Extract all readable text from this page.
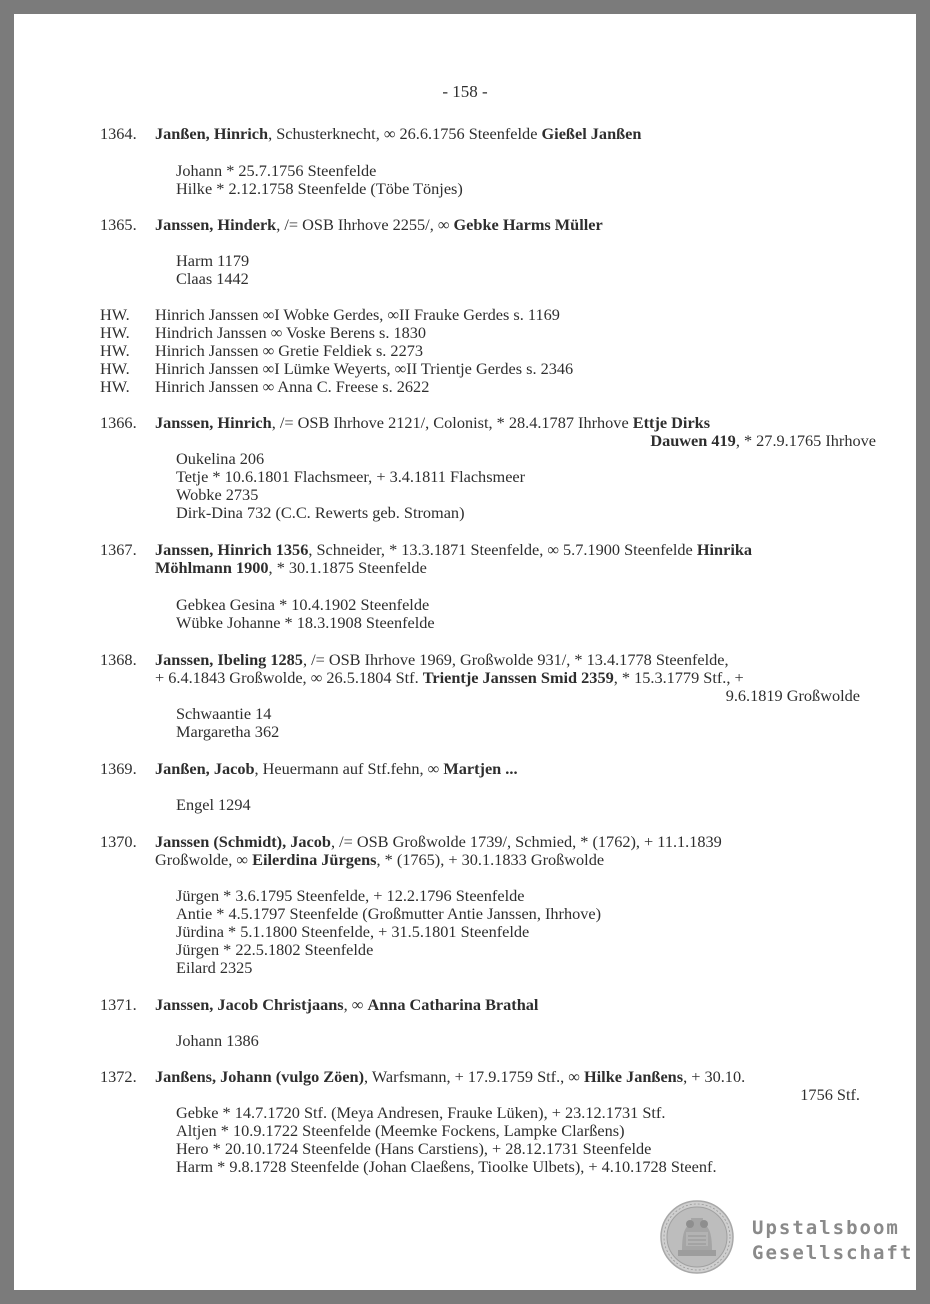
- 158 -
1364. Janßen, Hinrich, Schusterknecht, ∞ 26.6.1756 Steenfelde Gießel Janßen
Johann * 25.7.1756 Steenfelde
Hilke * 2.12.1758 Steenfelde (Töbe Tönjes)
1365. Janssen, Hinderk, /= OSB Ihrhove 2255/, ∞ Gebke Harms Müller
Harm 1179
Claas 1442
HW. Hinrich Janssen ∞I Wobke Gerdes, ∞II Frauke Gerdes s. 1169
HW. Hindrich Janssen ∞ Voske Berens s. 1830
HW. Hinrich Janssen ∞ Gretie Feldiek s. 2273
HW. Hinrich Janssen ∞I Lümke Weyerts, ∞II Trientje Gerdes s. 2346
HW. Hinrich Janssen ∞ Anna C. Freese s. 2622
1366. Janssen, Hinrich, /= OSB Ihrhove 2121/, Colonist, * 28.4.1787 Ihrhove Ettje Dirks
Dauwen 419, * 27.9.1765 Ihrhove
Oukelina 206
Tetje * 10.6.1801 Flachsmeer, + 3.4.1811 Flachsmeer
Wobke 2735
Dirk-Dina 732 (C.C. Rewerts geb. Stroman)
1367. Janssen, Hinrich 1356, Schneider, * 13.3.1871 Steenfelde, ∞ 5.7.1900 Steenfelde Hinrika
Möhlmann 1900, * 30.1.1875 Steenfelde
Gebkea Gesina * 10.4.1902 Steenfelde
Wübke Johanne * 18.3.1908 Steenfelde
1368. Janssen, Ibeling 1285, /= OSB Ihrhove 1969, Großwolde 931/, * 13.4.1778 Steenfelde,
+ 6.4.1843 Großwolde, ∞ 26.5.1804 Stf. Trientje Janssen Smid 2359, * 15.3.1779 Stf., +
9.6.1819 Großwolde
Schwaantie 14
Margaretha 362
1369. Janßen, Jacob, Heuermann auf Stf.fehn, ∞ Martjen ...
Engel 1294
1370. Janssen (Schmidt), Jacob, /= OSB Großwolde 1739/, Schmied, * (1762), + 11.1.1839
Großwolde, ∞ Eilerdina Jürgens, * (1765), + 30.1.1833 Großwolde
Jürgen * 3.6.1795 Steenfelde, + 12.2.1796 Steenfelde
Antie * 4.5.1797 Steenfelde (Großmutter Antie Janssen, Ihrhove)
Jürdina * 5.1.1800 Steenfelde, + 31.5.1801 Steenfelde
Jürgen * 22.5.1802 Steenfelde
Eilard 2325
1371. Janssen, Jacob Christjaans, ∞ Anna Catharina Brathal
Johann 1386
1372. Janßens, Johann (vulgo Zöen), Warfsmann, + 17.9.1759 Stf., ∞ Hilke Janßens, + 30.10.
1756 Stf.
Gebke * 14.7.1720 Stf. (Meya Andresen, Frauke Lüken), + 23.12.1731 Stf.
Altjen * 10.9.1722 Steenfelde (Meemke Fockens, Lampke Clarßens)
Hero * 20.10.1724 Steenfelde (Hans Carstiens), + 28.12.1731 Steenfelde
Harm * 9.8.1728 Steenfelde (Johan Claeßens, Tioolke Ulbets), + 4.10.1728 Steenf.
Upstalsboom
Gesellschaft
